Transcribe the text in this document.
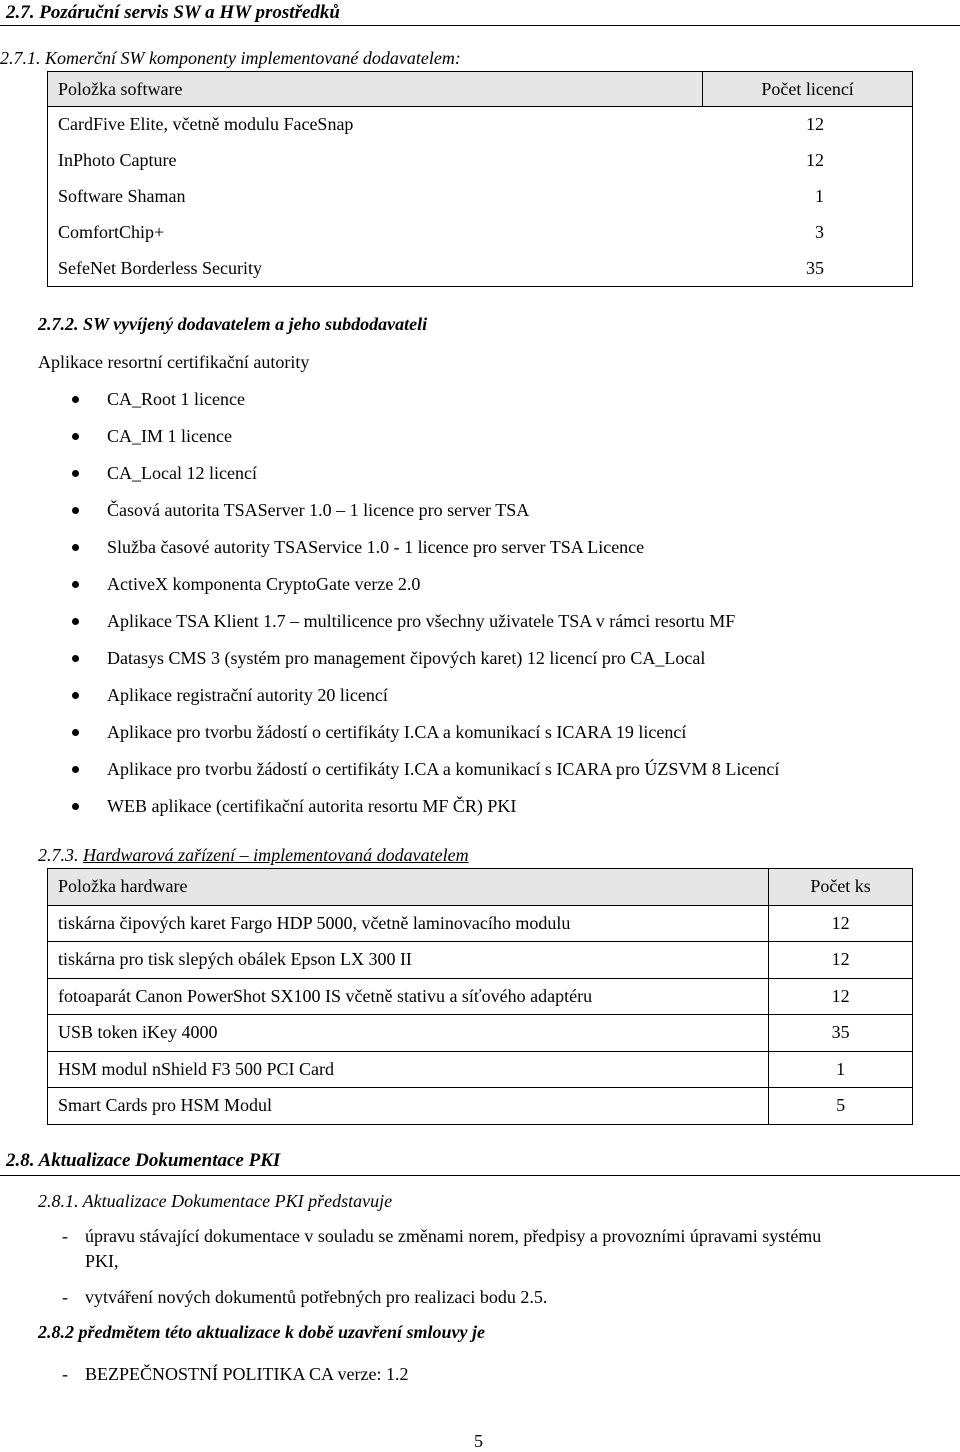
2.7. Pozáruční servis SW a HW prostředků
2.7.1. Komerční SW komponenty implementované dodavatelem:
Položka software	Počet licencí
CardFive Elite, včetně modulu FaceSnap	12
InPhoto Capture	12
Software Shaman	1
ComfortChip+	3
SefeNet Borderless Security	35
2.7.2. SW vyvíjený dodavatelem a jeho subdodavateli
Aplikace resortní certifikační autority
CA_Root 1 licence
CA_IM 1 licence
CA_Local 12 licencí
Časová autorita TSAServer 1.0 – 1 licence pro server TSA
Služba časové autority TSAService 1.0 - 1 licence pro server TSA Licence
ActiveX komponenta CryptoGate verze 2.0
Aplikace TSA Klient 1.7 – multilicence pro všechny uživatele TSA v rámci resortu MF
Datasys CMS 3 (systém pro management čipových karet) 12 licencí pro CA_Local
Aplikace registrační autority 20 licencí
Aplikace pro tvorbu žádostí o certifikáty I.CA a komunikací s ICARA 19 licencí
Aplikace pro tvorbu žádostí o certifikáty I.CA a komunikací s ICARA pro ÚZSVM 8 Licencí
WEB aplikace (certifikační autorita resortu MF ČR) PKI
2.7.3. Hardwarová zařízení – implementovaná dodavatelem
Položka hardware	Počet ks
tiskárna čipových karet Fargo HDP 5000, včetně laminovacího modulu	12
tiskárna pro tisk slepých obálek Epson LX 300 II	12
fotoaparát Canon PowerShot SX100 IS včetně stativu a síťového adaptéru	12
USB token iKey 4000	35
HSM modul nShield F3 500 PCI Card	1
Smart Cards pro HSM Modul	5
2.8. Aktualizace Dokumentace PKI
2.8.1. Aktualizace Dokumentace PKI představuje
- úpravu stávající dokumentace v souladu se změnami norem, předpisy a provozními úpravami systému
PKI,
- vytváření nových dokumentů potřebných pro realizaci bodu 2.5.
2.8.2 předmětem této aktualizace k době uzavření smlouvy je
- BEZPEČNOSTNÍ POLITIKA CA verze: 1.2
5
